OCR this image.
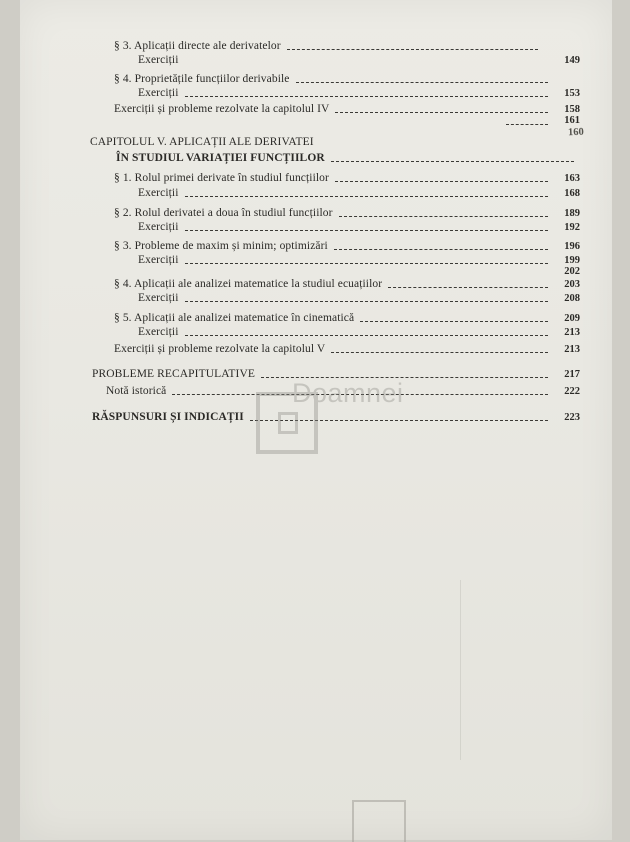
§ 3. Aplicații directe ale derivatelor
Exerciții	149
§ 4. Proprietățile funcțiilor derivabile
Exerciții	153
Exerciții și probleme rezolvate la capitolul IV	158
161
160
CAPITOLUL V. APLICAȚII ALE DERIVATEI
ÎN STUDIUL VARIAȚIEI FUNCȚIILOR
§ 1. Rolul primei derivate în studiul funcțiilor	163
Exerciții	168
§ 2. Rolul derivatei a doua în studiul funcțiilor	189
Exerciții	192
§ 3. Probleme de maxim și minim; optimizări	196
Exerciții	199
202
§ 4. Aplicații ale analizei matematice la studiul ecuațiilor	203
Exerciții	208
§ 5. Aplicații ale analizei matematice în cinematică	209
Exerciții	213
Exerciții și probleme rezolvate la capitolul V	213
PROBLEME RECAPITULATIVE	217
Notă istorică	222
RĂSPUNSURI ȘI INDICAȚII	223
Doamnei
